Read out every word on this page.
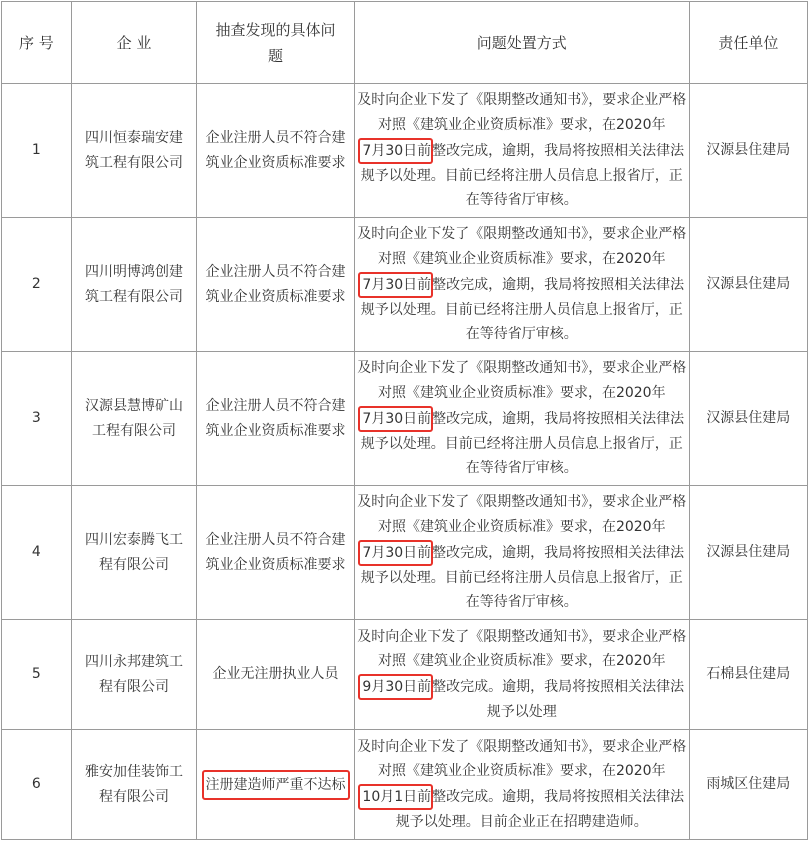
序 号	企 业	抽查发现的具体问题	问题处置方式	责任单位
1	四川恒泰瑞安建筑工程有限公司	企业注册人员不符合建筑业企业资质标准要求	及时向企业下发了《限期整改通知书》，要求企业严格对照《建筑业企业资质标准》要求，在2020年7月30日前整改完成，逾期，我局将按照相关法律法规予以处理。目前已经将注册人员信息上报省厅，正在等待省厅审核。	汉源县住建局
2	四川明博鸿创建筑工程有限公司	企业注册人员不符合建筑业企业资质标准要求	及时向企业下发了《限期整改通知书》，要求企业严格对照《建筑业企业资质标准》要求，在2020年7月30日前整改完成，逾期，我局将按照相关法律法规予以处理。目前已经将注册人员信息上报省厅，正在等待省厅审核。	汉源县住建局
3	汉源县慧博矿山工程有限公司	企业注册人员不符合建筑业企业资质标准要求	及时向企业下发了《限期整改通知书》，要求企业严格对照《建筑业企业资质标准》要求，在2020年7月30日前整改完成，逾期，我局将按照相关法律法规予以处理。目前已经将注册人员信息上报省厅，正在等待省厅审核。	汉源县住建局
4	四川宏泰腾飞工程有限公司	企业注册人员不符合建筑业企业资质标准要求	及时向企业下发了《限期整改通知书》，要求企业严格对照《建筑业企业资质标准》要求，在2020年7月30日前整改完成，逾期，我局将按照相关法律法规予以处理。目前已经将注册人员信息上报省厅，正在等待省厅审核。	汉源县住建局
5	四川永邦建筑工程有限公司	企业无注册执业人员	及时向企业下发了《限期整改通知书》，要求企业严格对照《建筑业企业资质标准》要求，在2020年9月30日前整改完成。逾期，我局将按照相关法律法规予以处理	石棉县住建局
6	雅安加佳装饰工程有限公司	注册建造师严重不达标	及时向企业下发了《限期整改通知书》，要求企业严格对照《建筑业企业资质标准》要求，在2020年10月1日前整改完成。逾期，我局将按照相关法律法规予以处理。目前企业正在招聘建造师。	雨城区住建局
